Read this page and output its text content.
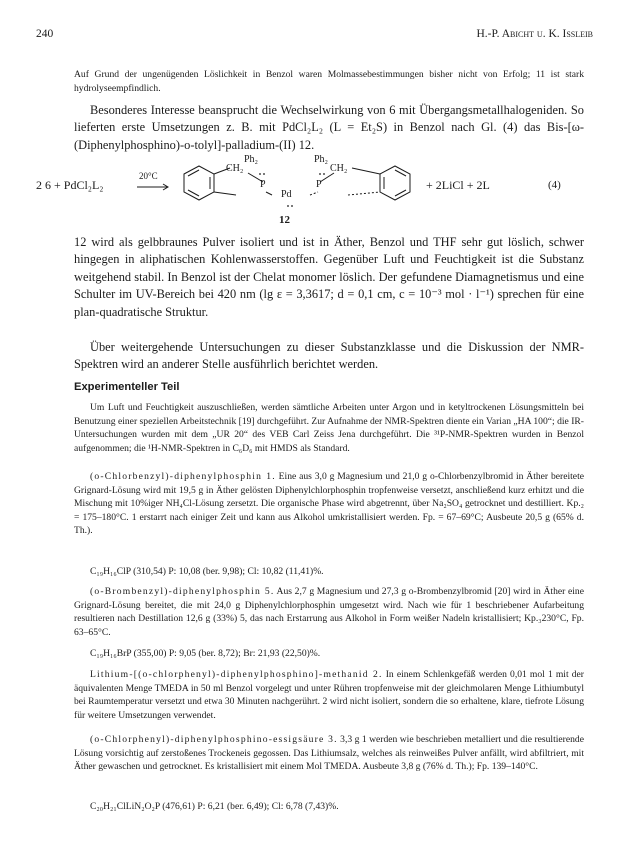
240	H.-P. Abicht u. K. Issleib

Auf Grund der ungenügenden Löslichkeit in Benzol waren Molmassebestimmungen bisher nicht von Erfolg; 11 ist stark hydrolyseempfindlich.

Besonderes Interesse beansprucht die Wechselwirkung von 6 mit Übergangsmetallhalogeniden. So lieferten erste Umsetzungen z. B. mit PdCl₂L₂ (L = Et₂S) in Benzol nach Gl. (4) das Bis-[ω-(Diphenylphosphino)-o-tolyl]-palladium-(II) 12.

2 6 + PdCl₂L₂
20°C
Ph₂	Ph₂
CH₂	CH₂
P	P
Pd
+ 2LiCl + 2L	(4)
12

12 wird als gelbbraunes Pulver isoliert und ist in Äther, Benzol und THF sehr gut löslich, schwer hingegen in aliphatischen Kohlenwasserstoffen. Gegenüber Luft und Feuchtigkeit ist die Substanz weitgehend stabil. In Benzol ist der Chelat monomer löslich. Der gefundene Diamagnetismus und eine Schulter im UV-Bereich bei 420 nm (lg ε = 3,3617; d = 0,1 cm, c = 10⁻³ mol · l⁻¹) sprechen für eine plan-quadratische Struktur.

Über weitergehende Untersuchungen zu dieser Substanzklasse und die Diskussion der NMR-Spektren wird an anderer Stelle ausführlich berichtet werden.

Experimenteller Teil

Um Luft und Feuchtigkeit auszuschließen, werden sämtliche Arbeiten unter Argon und in ketyltrockenen Lösungsmitteln bei Benutzung einer speziellen Arbeitstechnik [19] durchgeführt. Zur Aufnahme der NMR-Spektren diente ein Varian „HA 100“; die IR-Untersuchungen wurden mit dem „UR 20“ des VEB Carl Zeiss Jena durchgeführt. Die ³¹P-NMR-Spektren wurden in Benzol aufgenommen; die ¹H-NMR-Spektren in C₆D₆ mit HMDS als Standard.

(o-Chlorbenzyl)-diphenylphosphin 1. Eine aus 3,0 g Magnesium und 21,0 g o-Chlorbenzylbromid in Äther bereitete Grignard-Lösung wird mit 19,5 g in Äther gelösten Diphenylchlorphosphin tropfenweise versetzt, anschließend kurz erhitzt und die Mischung mit 10%iger NH₄Cl-Lösung zersetzt. Die organische Phase wird abgetrennt, über Na₂SO₄ getrocknet und destilliert. Kp.₂ = 175–180°C. 1 erstarrt nach einiger Zeit und kann aus Alkohol umkristallisiert werden. Fp. = 67–69°C; Ausbeute 20,5 g (65% d. Th.).

C₁₉H₁₆ClP (310,54) P: 10,08 (ber. 9,98); Cl: 10,82 (11,41)%.

(o-Brombenzyl)-diphenylphosphin 5. Aus 2,7 g Magnesium und 27,3 g o-Brombenzylbromid [20] wird in Äther eine Grignard-Lösung bereitet, die mit 24,0 g Diphenylchlorphosphin umgesetzt wird. Nach wie für 1 beschriebener Aufarbeitung resultieren nach Destillation 12,6 g (33%) 5, das nach Erstarrung aus Alkohol in Form weißer Nadeln kristallisiert; Kp.₃230°C, Fp. 63–65°C.

C₁₉H₁₆BrP (355,00) P: 9,05 (ber. 8,72); Br: 21,93 (22,50)%.

Lithium-[(o-chlorphenyl)-diphenylphosphino]-methanid 2. In einem Schlenkgefäß werden 0,01 mol 1 mit der äquivalenten Menge TMEDA in 50 ml Benzol vorgelegt und unter Rühren tropfenweise mit der gleichmolaren Menge Lithiumbutyl bei Raumtemperatur versetzt und etwa 30 Minuten nachgerührt. 2 wird nicht isoliert, sondern die so erhaltene, klare, tiefrote Lösung für weitere Umsetzungen verwendet.

(o-Chlorphenyl)-diphenylphosphino-essigsäure 3. 3,3 g 1 werden wie beschrieben metalliert und die resultierende Lösung vorsichtig auf zerstoßenes Trockeneis gegossen. Das Lithiumsalz, welches als reinweißes Pulver anfällt, wird abfiltriert, mit Äther gewaschen und getrocknet. Es kristallisiert mit einem Mol TMEDA. Ausbeute 3,8 g (76% d. Th.); Fp. 139–140°C.

C₂₀H₂₁ClLiN₂O₂P (476,61) P: 6,21 (ber. 6,49); Cl: 6,78 (7,43)%.
